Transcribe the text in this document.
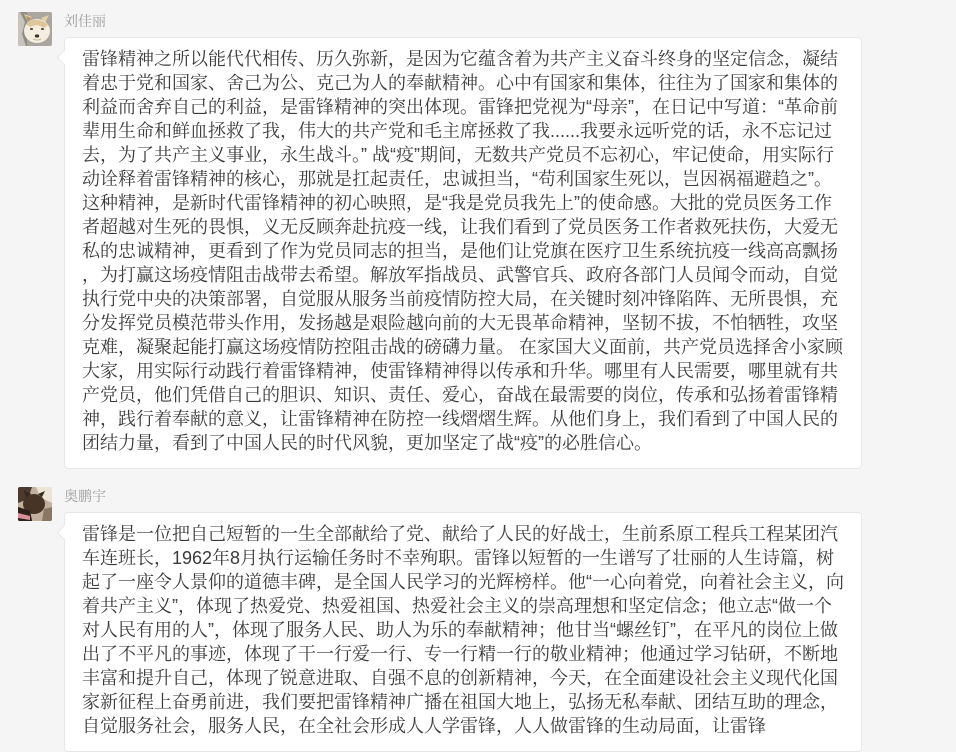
刘佳丽

雷锋精神之所以能代代相传、历久弥新，是因为它蕴含着为共产主义奋斗终身的坚定信念，凝结着忠于党和国家、舍己为公、克己为人的奉献精神。心中有国家和集体，往往为了国家和集体的利益而舍弃自己的利益，是雷锋精神的突出体现。雷锋把党视为“母亲”，在日记中写道：“革命前辈用生命和鲜血拯救了我，伟大的共产党和毛主席拯救了我......我要永远听党的话，永不忘记过去，为了共产主义事业，永生战斗。” 战“疫”期间，无数共产党员不忘初心，牢记使命，用实际行动诠释着雷锋精神的核心，那就是扛起责任，忠诚担当，“苟利国家生死以，岂因祸福避趋之”。这种精神，是新时代雷锋精神的初心映照，是“我是党员我先上”的使命感。大批的党员医务工作者超越对生死的畏惧，义无反顾奔赴抗疫一线，让我们看到了党员医务工作者救死扶伤，大爱无私的忠诚精神，更看到了作为党员同志的担当，是他们让党旗在医疗卫生系统抗疫一线高高飘扬，为打赢这场疫情阻击战带去希望。解放军指战员、武警官兵、政府各部门人员闻令而动，自觉执行党中央的决策部署，自觉服从服务当前疫情防控大局，在关键时刻冲锋陷阵、无所畏惧，充分发挥党员模范带头作用，发扬越是艰险越向前的大无畏革命精神，坚韧不拔，不怕牺牲，攻坚克难，凝聚起能打赢这场疫情防控阻击战的磅礴力量。 在家国大义面前，共产党员选择舍小家顾大家，用实际行动践行着雷锋精神，使雷锋精神得以传承和升华。哪里有人民需要，哪里就有共产党员，他们凭借自己的胆识、知识、责任、爱心，奋战在最需要的岗位，传承和弘扬着雷锋精神，践行着奉献的意义，让雷锋精神在防控一线熠熠生辉。从他们身上，我们看到了中国人民的团结力量，看到了中国人民的时代风貌，更加坚定了战“疫”的必胜信心。

奥鹏宇

雷锋是一位把自己短暂的一生全部献给了党、献给了人民的好战士，生前系原工程兵工程某团汽车连班长，1962年8月执行运输任务时不幸殉职。雷锋以短暂的一生谱写了壮丽的人生诗篇，树起了一座令人景仰的道德丰碑，是全国人民学习的光辉榜样。他“一心向着党，向着社会主义，向着共产主义”，体现了热爱党、热爱祖国、热爱社会主义的崇高理想和坚定信念；他立志“做一个对人民有用的人”，体现了服务人民、助人为乐的奉献精神；他甘当“螺丝钉”，在平凡的岗位上做出了不平凡的事迹，体现了干一行爱一行、专一行精一行的敬业精神；他通过学习钻研，不断地丰富和提升自己，体现了锐意进取、自强不息的创新精神，今天，在全面建设社会主义现代化国家新征程上奋勇前进，我们要把雷锋精神广播在祖国大地上，弘扬无私奉献、团结互助的理念，自觉服务社会，服务人民，在全社会形成人人学雷锋，人人做雷锋的生动局面，让雷锋
